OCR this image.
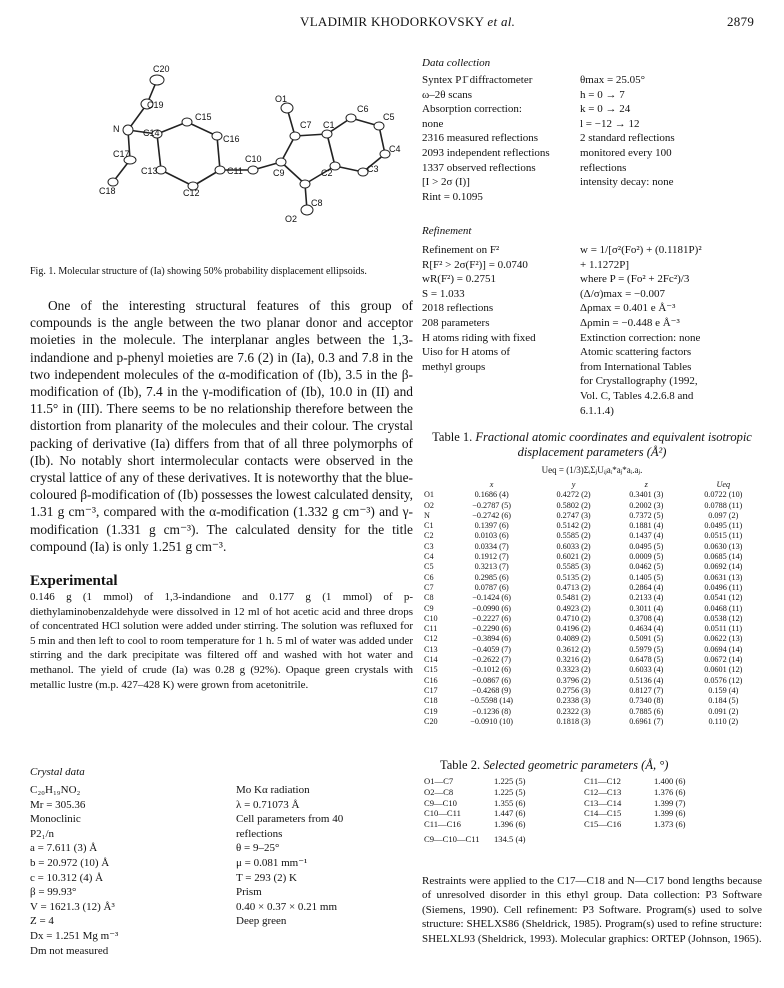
VLADIMIR KHODORKOVSKY et al.	2879
C20
C19
N
C15
O1
C6
C7 C1
C5
C14
C16
C4
C17	C10
C9	C2	C3
C13	C11
C18	C12
C8
O2
Fig. 1. Molecular structure of (Ia) showing 50% probability displacement ellipsoids.
One of the interesting structural features of this group of compounds is the angle between the two planar donor and acceptor moieties in the molecule. The interplanar angles between the 1,3-indandione and p-phenyl moieties are 7.6 (2) in (Ia), 0.3 and 7.8 in the two independent molecules of the α-modification of (Ib), 3.5 in the β-modification of (Ib), 7.4 in the γ-modification of (Ib), 10.0 in (II) and 11.5° in (III). There seems to be no relationship therefore between the distortion from planarity of the molecules and their colour. The crystal packing of derivative (Ia) differs from that of all three polymorphs of (Ib). No notably short intermolecular contacts were observed in the crystal lattice of any of these derivatives. It is noteworthy that the blue-coloured β-modification of (Ib) possesses the lowest calculated density, 1.31 g cm⁻³, compared with the α-modification (1.332 g cm⁻³) and γ-modification (1.331 g cm⁻³). The calculated density for the title compound (Ia) is only 1.251 g cm⁻³.
Experimental
0.146 g (1 mmol) of 1,3-indandione and 0.177 g (1 mmol) of p-diethylaminobenzaldehyde were dissolved in 12 ml of hot acetic acid and three drops of concentrated HCl solution were added under stirring. The solution was refluxed for 5 min and then left to cool to room temperature for 1 h. 5 ml of water was added under stirring and the dark precipitate was filtered off and washed with hot water and methanol. The yield of crude (Ia) was 0.28 g (92%). Opaque green crystals with metallic lustre (m.p. 427–428 K) were grown from acetonitrile.
Crystal data
C₂₀H₁₉NO₂
Mr = 305.36
Monoclinic
P2₁/n
a = 7.611 (3) Å
b = 20.972 (10) Å
c = 10.312 (4) Å
β = 99.93°
V = 1621.3 (12) Å³
Z = 4
Dx = 1.251 Mg m⁻³
Dm not measured
Mo Kα radiation
λ = 0.71073 Å
Cell parameters from 40
reflections
θ = 9–25°
μ = 0.081 mm⁻¹
T = 293 (2) K
Prism
0.40 × 0.37 × 0.21 mm
Deep green
Data collection
Syntex P1̄ diffractometer
ω–2θ scans
Absorption correction:
none
2316 measured reflections
2093 independent reflections
1337 observed reflections
[I > 2σ (I)]
Rint = 0.1095
θmax = 25.05°
h = 0 → 7
k = 0 → 24
l = −12 → 12
2 standard reflections
monitored every 100
reflections
intensity decay: none
Refinement
Refinement on F²
R[F² > 2σ(F²)] = 0.0740
wR(F²) = 0.2751
S = 1.033
2018 reflections
208 parameters
H atoms riding with fixed
Uiso for H atoms of
methyl groups
w = 1/[σ²(Fo²) + (0.1181P)²
+ 1.1272P]
where P = (Fo² + 2Fc²)/3
(Δ/σ)max = −0.007
Δρmax = 0.401 e Å⁻³
Δρmin = −0.448 e Å⁻³
Extinction correction: none
Atomic scattering factors
from International Tables
for Crystallography (1992,
Vol. C, Tables 4.2.6.8 and
6.1.1.4)
Table 1. Fractional atomic coordinates and equivalent isotropic displacement parameters (Å²)
Ueq = (1/3)ΣᵢΣⱼUᵢⱼaᵢ*aⱼ*aᵢ.aⱼ.
	x	y	z	Ueq
O1	0.1686 (4)	0.4272 (2)	0.3401 (3)	0.0722 (10)
O2	−0.2787 (5)	0.5802 (2)	0.2002 (3)	0.0788 (11)
N	−0.2742 (6)	0.2747 (3)	0.7372 (5)	0.097 (2)
C1	0.1397 (6)	0.5142 (2)	0.1881 (4)	0.0495 (11)
C2	0.0103 (6)	0.5585 (2)	0.1437 (4)	0.0515 (11)
C3	0.0334 (7)	0.6033 (2)	0.0495 (5)	0.0630 (13)
C4	0.1912 (7)	0.6021 (2)	0.0009 (5)	0.0685 (14)
C5	0.3213 (7)	0.5585 (3)	0.0462 (5)	0.0692 (14)
C6	0.2985 (6)	0.5135 (2)	0.1405 (5)	0.0631 (13)
C7	0.0787 (6)	0.4713 (2)	0.2864 (4)	0.0496 (11)
C8	−0.1424 (6)	0.5481 (2)	0.2133 (4)	0.0541 (12)
C9	−0.0990 (6)	0.4923 (2)	0.3011 (4)	0.0468 (11)
C10	−0.2227 (6)	0.4710 (2)	0.3708 (4)	0.0538 (12)
C11	−0.2290 (6)	0.4196 (2)	0.4634 (4)	0.0511 (11)
C12	−0.3894 (6)	0.4089 (2)	0.5091 (5)	0.0622 (13)
C13	−0.4059 (7)	0.3612 (2)	0.5979 (5)	0.0694 (14)
C14	−0.2622 (7)	0.3216 (2)	0.6478 (5)	0.0672 (14)
C15	−0.1012 (6)	0.3323 (2)	0.6033 (4)	0.0601 (12)
C16	−0.0867 (6)	0.3796 (2)	0.5136 (4)	0.0576 (12)
C17	−0.4268 (9)	0.2756 (3)	0.8127 (7)	0.159 (4)
C18	−0.5598 (14)	0.2338 (3)	0.7340 (8)	0.184 (5)
C19	−0.1236 (8)	0.2322 (3)	0.7885 (6)	0.091 (2)
C20	−0.0910 (10)	0.1818 (3)	0.6961 (7)	0.110 (2)
Table 2. Selected geometric parameters (Å, °)
O1—C7	1.225 (5)	C11—C12	1.400 (6)
O2—C8	1.225 (5)	C12—C13	1.376 (6)
C9—C10	1.355 (6)	C13—C14	1.399 (7)
C10—C11	1.447 (6)	C14—C15	1.399 (6)
C11—C16	1.396 (6)	C15—C16	1.373 (6)
C9—C10—C11	134.5 (4)		
Restraints were applied to the C17—C18 and N—C17 bond lengths because of unresolved disorder in this ethyl group. Data collection: P3 Software (Siemens, 1990). Cell refinement: P3 Software. Program(s) used to solve structure: SHELXS86 (Sheldrick, 1985). Program(s) used to refine structure: SHELXL93 (Sheldrick, 1993). Molecular graphics: ORTEP (Johnson, 1965).
